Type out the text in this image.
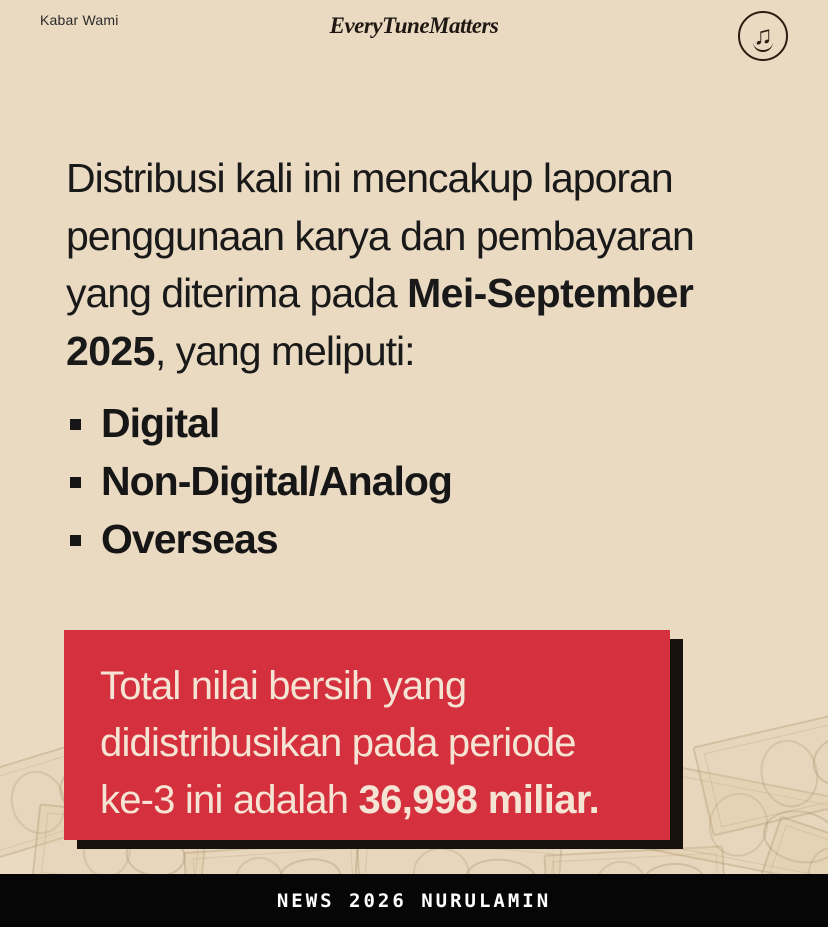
Kabar Wami	EveryTuneMatters	♫
Distribusi kali ini mencakup laporan
penggunaan karya dan pembayaran
yang diterima pada Mei-September
2025, yang meliputi:
Digital
Non-Digital/Analog
Overseas
Total nilai bersih yang
didistribusikan pada periode
ke-3 ini adalah 36,998 miliar.
NEWS 2026 NURULAMIN
